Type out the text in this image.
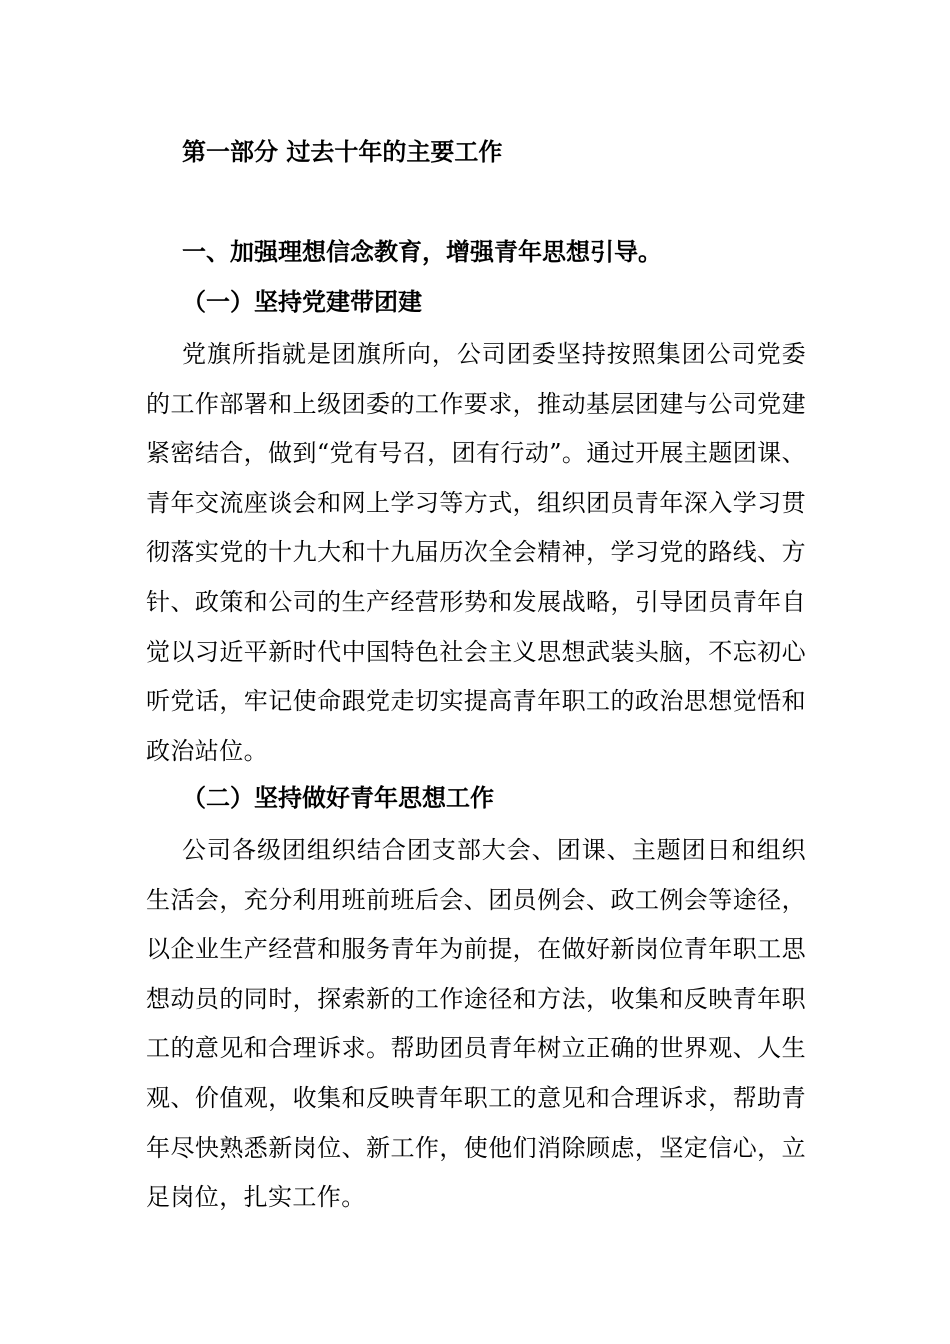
第一部分 过去十年的主要工作
一、加强理想信念教育，增强青年思想引导。
（一）坚持党建带团建

党旗所指就是团旗所向，公司团委坚持按照集团公司党委的工作部署和上级团委的工作要求，推动基层团建与公司党建紧密结合，做到“党有号召，团有行动”。通过开展主题团课、青年交流座谈会和网上学习等方式，组织团员青年深入学习贯彻落实党的十九大和十九届历次全会精神，学习党的路线、方针、政策和公司的生产经营形势和发展战略，引导团员青年自觉以习近平新时代中国特色社会主义思想武装头脑，不忘初心听党话，牢记使命跟党走切实提高青年职工的政治思想觉悟和政治站位。

（二）坚持做好青年思想工作

公司各级团组织结合团支部大会、团课、主题团日和组织生活会，充分利用班前班后会、团员例会、政工例会等途径，以企业生产经营和服务青年为前提，在做好新岗位青年职工思想动员的同时，探索新的工作途径和方法，收集和反映青年职工的意见和合理诉求。帮助团员青年树立正确的世界观、人生观、价值观，收集和反映青年职工的意见和合理诉求，帮助青年尽快熟悉新岗位、新工作，使他们消除顾虑，坚定信心，立足岗位，扎实工作。
